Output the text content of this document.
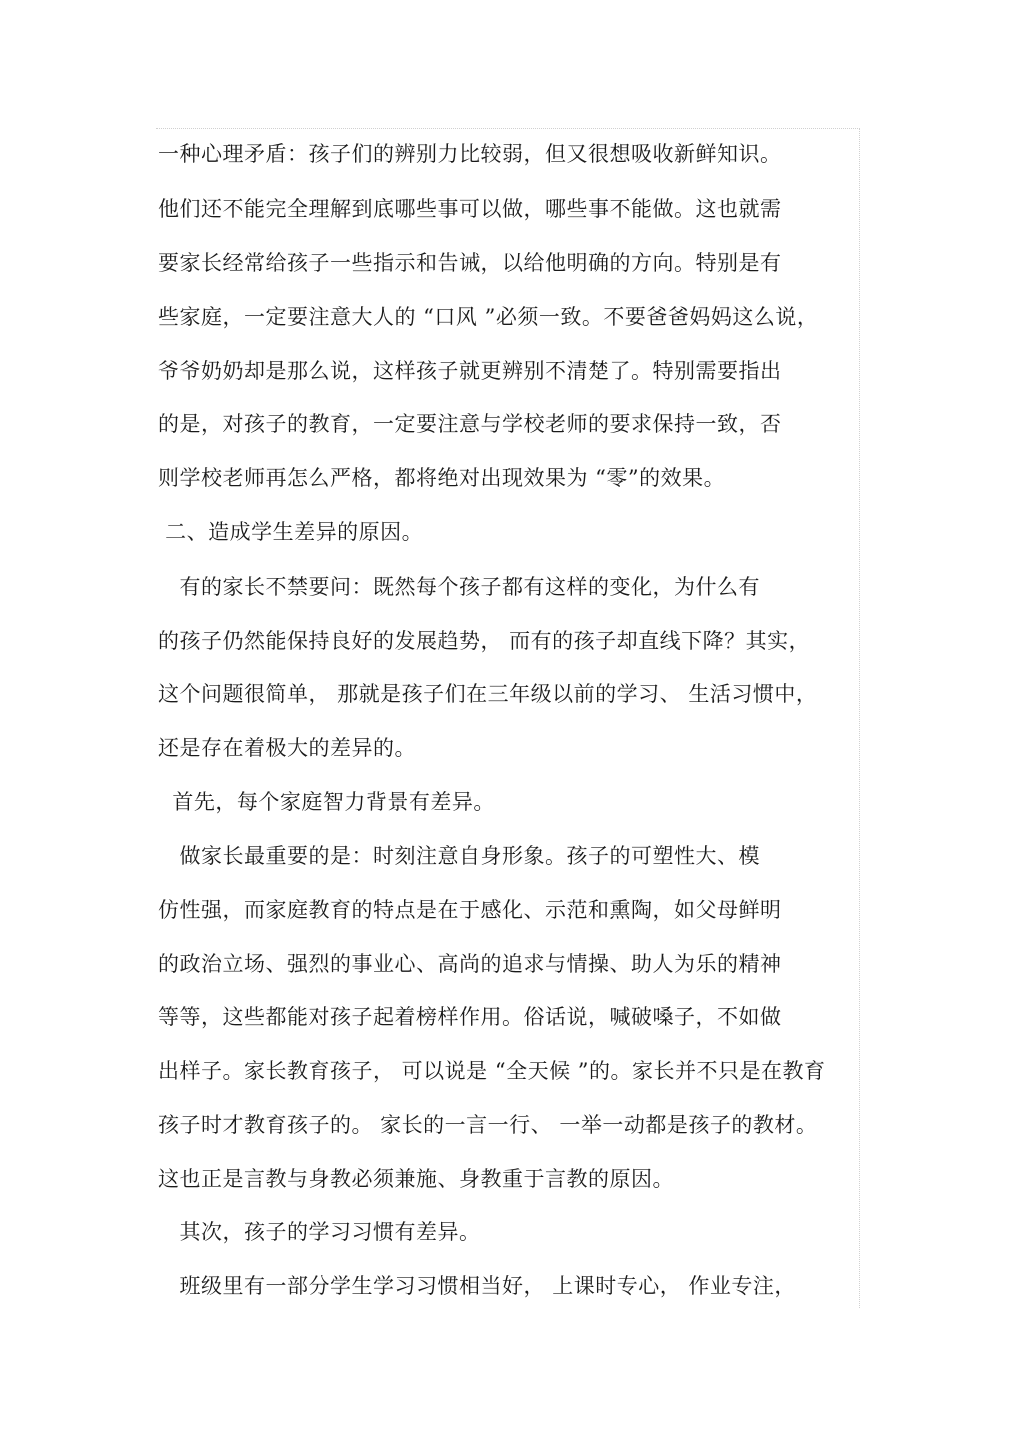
一种心理矛盾：孩子们的辨别力比较弱，但又很想吸收新鲜知识。
他们还不能完全理解到底哪些事可以做，哪些事不能做。这也就需
要家长经常给孩子一些指示和告诫，以给他明确的方向。特别是有
些家庭，一定要注意大人的 “口风 ”必须一致。不要爸爸妈妈这么说，
爷爷奶奶却是那么说，这样孩子就更辨别不清楚了。特别需要指出
的是，对孩子的教育，一定要注意与学校老师的要求保持一致，否
则学校老师再怎么严格，都将绝对出现效果为 “零”的效果。
二、造成学生差异的原因。
有的家长不禁要问：既然每个孩子都有这样的变化，为什么有
的孩子仍然能保持良好的发展趋势， 而有的孩子却直线下降？其实，
这个问题很简单， 那就是孩子们在三年级以前的学习、 生活习惯中，
还是存在着极大的差异的。
首先，每个家庭智力背景有差异。
做家长最重要的是：时刻注意自身形象。孩子的可塑性大、模
仿性强，而家庭教育的特点是在于感化、示范和熏陶，如父母鲜明
的政治立场、强烈的事业心、高尚的追求与情操、助人为乐的精神
等等，这些都能对孩子起着榜样作用。俗话说，喊破嗓子，不如做
出样子。家长教育孩子， 可以说是 “全天候 ”的。家长并不只是在教育
孩子时才教育孩子的。 家长的一言一行、 一举一动都是孩子的教材。
这也正是言教与身教必须兼施、身教重于言教的原因。
其次，孩子的学习习惯有差异。
班级里有一部分学生学习习惯相当好， 上课时专心， 作业专注，
